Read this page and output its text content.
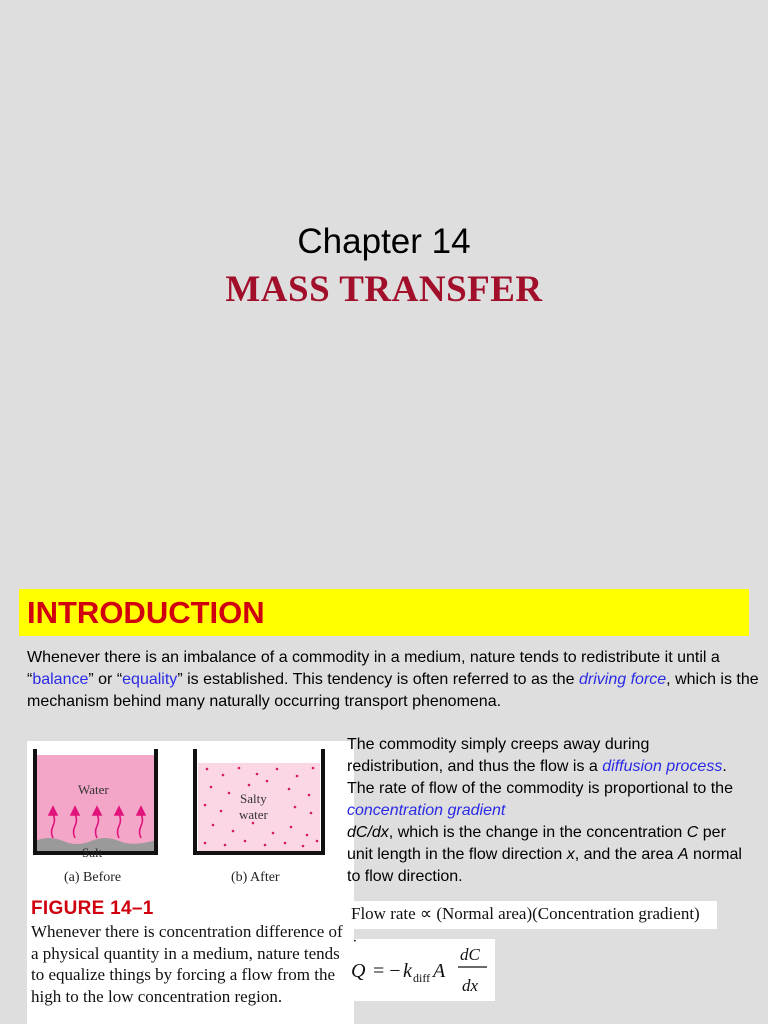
Chapter 14
MASS TRANSFER
INTRODUCTION
Whenever there is an imbalance of a commodity in a medium, nature tends to redistribute it until a “balance” or “equality” is established. This tendency is often referred to as the driving force, which is the mechanism behind many naturally occurring transport phenomena.
Water
Salt
Salty
water
(a) Before	(b) After
FIGURE 14–1
Whenever there is concentration difference of a physical quantity in a medium, nature tends to equalize things by forcing a flow from the high to the low concentration region.
The commodity simply creeps away during redistribution, and thus the flow is a diffusion process. The rate of flow of the commodity is proportional to the concentration gradient
dC/dx, which is the change in the concentration C per unit length in the flow direction x, and the area A normal to flow direction.
Flow rate ∝ (Normal area)(Concentration gradient)
˙
Q = − k diff A
dC
dx
